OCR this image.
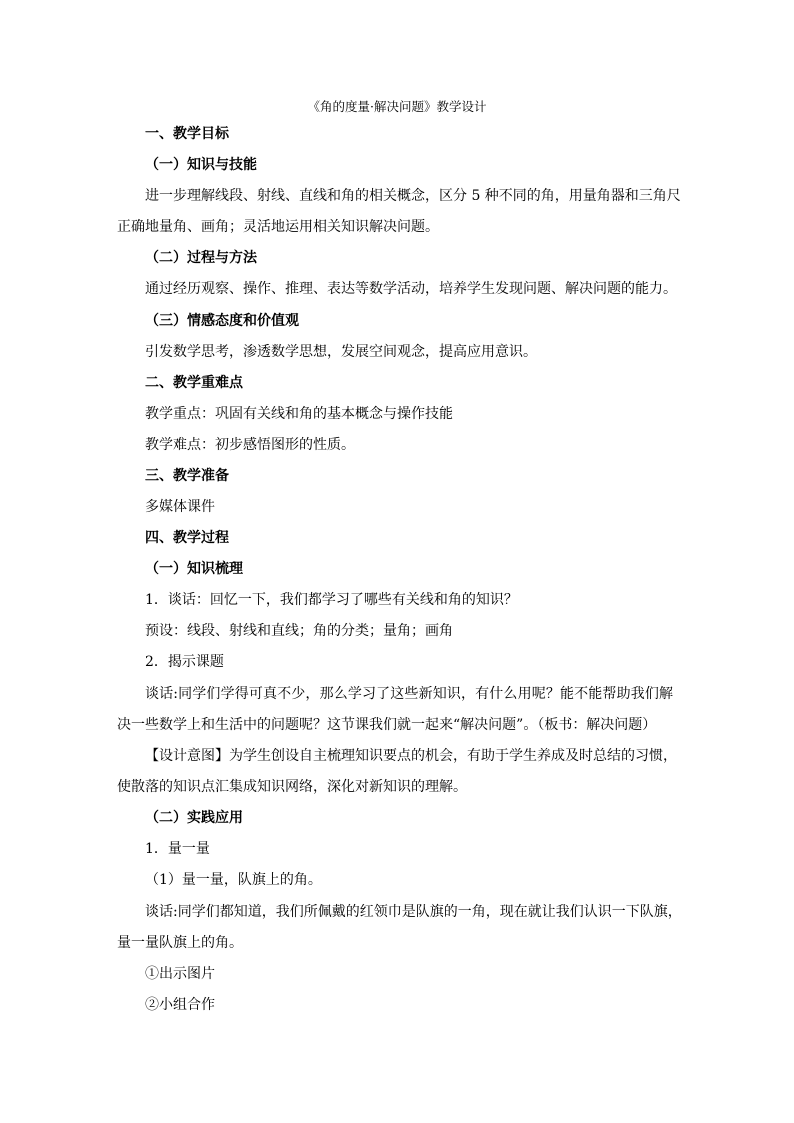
《角的度量·解决问题》教学设计
一、教学目标
（一）知识与技能
进一步理解线段、射线、直线和角的相关概念，区分 5 种不同的角，用量角器和三角尺
正确地量角、画角；灵活地运用相关知识解决问题。
（二）过程与方法
通过经历观察、操作、推理、表达等数学活动，培养学生发现问题、解决问题的能力。
（三）情感态度和价值观
引发数学思考，渗透数学思想，发展空间观念，提高应用意识。
二、教学重难点
教学重点：巩固有关线和角的基本概念与操作技能
教学难点：初步感悟图形的性质。
三、教学准备
多媒体课件
四、教学过程
（一）知识梳理
1．谈话：回忆一下，我们都学习了哪些有关线和角的知识？
预设：线段、射线和直线；角的分类；量角；画角
2．揭示课题
谈话:同学们学得可真不少，那么学习了这些新知识，有什么用呢？能不能帮助我们解
决一些数学上和生活中的问题呢？这节课我们就一起来“解决问题”。（板书：解决问题）
【设计意图】为学生创设自主梳理知识要点的机会，有助于学生养成及时总结的习惯，
使散落的知识点汇集成知识网络，深化对新知识的理解。
（二）实践应用
1．量一量
（1）量一量，队旗上的角。
谈话:同学们都知道，我们所佩戴的红领巾是队旗的一角，现在就让我们认识一下队旗，
量一量队旗上的角。
①出示图片
②小组合作
